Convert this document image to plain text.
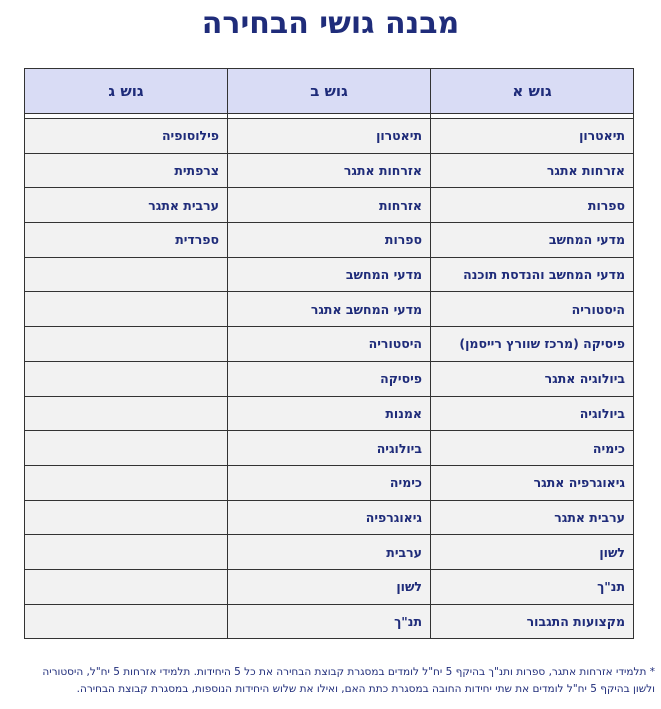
מבנה גושי הבחירה
גוש א	גוש ב	גוש ג

תיאטרון	תיאטרון	פילוסופיה
אזרחות אתגר	אזרחות אתגר	צרפתית
ספרות	אזרחות	ערבית אתגר
מדעי המחשב	ספרות	ספרדית
מדעי המחשב והנדסת תוכנה	מדעי המחשב	
היסטוריה	מדעי המחשב אתגר	
פיסיקה (מרכז שוורץ רייסמן)	היסטוריה	
ביולוגיה אתגר	פיסיקה	
ביולוגיה	אמנות	
כימיה	ביולוגיה	
גיאוגרפיה אתגר	כימיה	
ערבית אתגר	גיאוגרפיה	
לשון	ערבית	
תנ"ך	לשון	
מקצועות התגבור	תנ"ך	
* תלמידי אזרחות אתגר, ספרות ותנ"ך בהיקף 5 יח"ל לומדים במסגרת קבוצת הבחירה את כל 5 היחידות. תלמידי אזרחות 5 יח"ל, היסטוריה
ולשון בהיקף 5 יח"ל לומדים את שתי יחידות החובה במסגרת כתת האם, ואילו את שלוש היחידות הנוספות, במסגרת קבוצת הבחירה.
